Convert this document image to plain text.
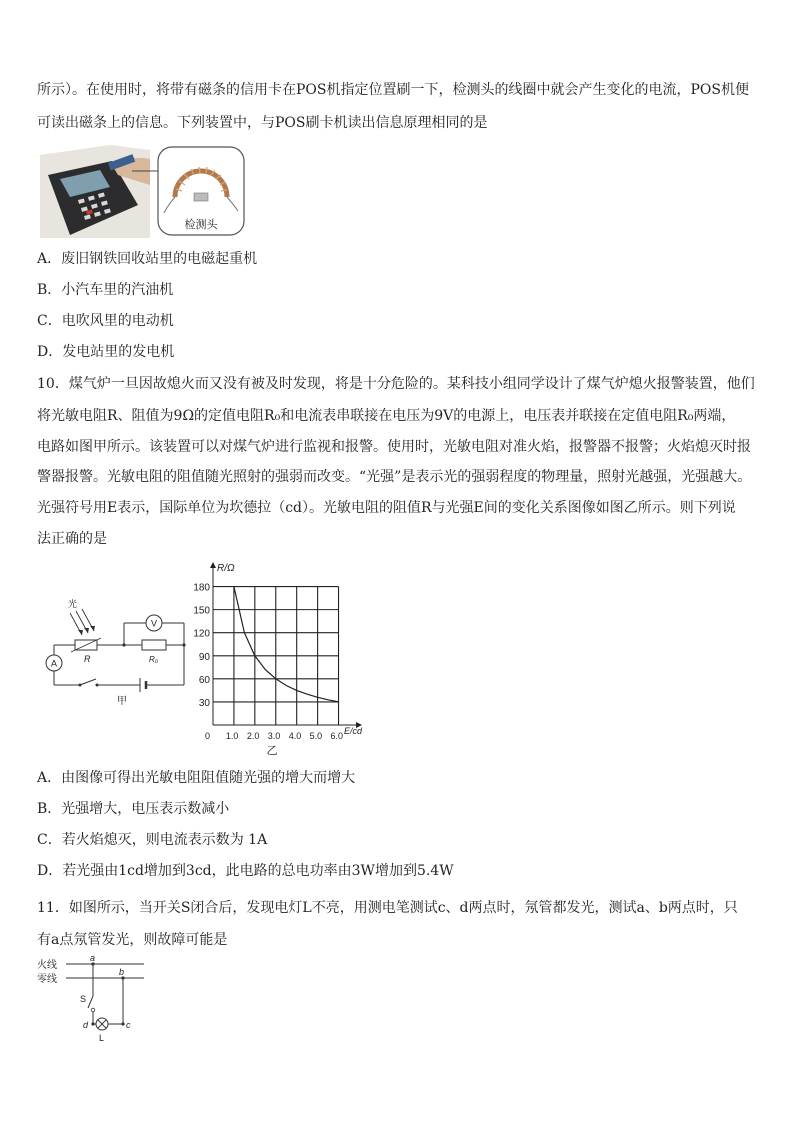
所示）。在使用时，将带有磁条的信用卡在POS机指定位置刷一下，检测头的线圈中就会产生变化的电流，POS机便
可读出磁条上的信息。下列装置中，与POS刷卡机读出信息原理相同的是
检测头
A．废旧钢铁回收站里的电磁起重机
B．小汽车里的汽油机
C．电吹风里的电动机
D．发电站里的发电机
10．煤气炉一旦因故熄火而又没有被及时发现，将是十分危险的。某科技小组同学设计了煤气炉熄火报警装置，他们
将光敏电阻R、阻值为9Ω的定值电阻R₀和电流表串联接在电压为9V的电源上，电压表并联接在定值电阻R₀两端，
电路如图甲所示。该装置可以对煤气炉进行监视和报警。使用时，光敏电阻对准火焰，报警器不报警；火焰熄灭时报
警器报警。光敏电阻的阻值随光照射的强弱而改变。“光强”是表示光的强弱程度的物理量，照射光越强，光强越大。
光强符号用E表示，国际单位为坎德拉（cd）。光敏电阻的阻值R与光强E间的变化关系图像如图乙所示。则下列说
法正确的是
光
R	R₀
V
A
甲
180
150
120
90
60
30
0 1.0 2.0 3.0 4.0 5.0 6.0
R/Ω
E/cd
乙
A．由图像可得出光敏电阻阻值随光强的增大而增大
B．光强增大，电压表示数减小
C．若火焰熄灭，则电流表示数为 1A
D．若光强由1cd增加到3cd，此电路的总电功率由3W增加到5.4W
11．如图所示，当开关S闭合后，发现电灯L不亮，用测电笔测试c、d两点时，氖管都发光，测试a、b两点时，只
有a点氖管发光，则故障可能是
火线
零线
a
b
c
d
S
L
